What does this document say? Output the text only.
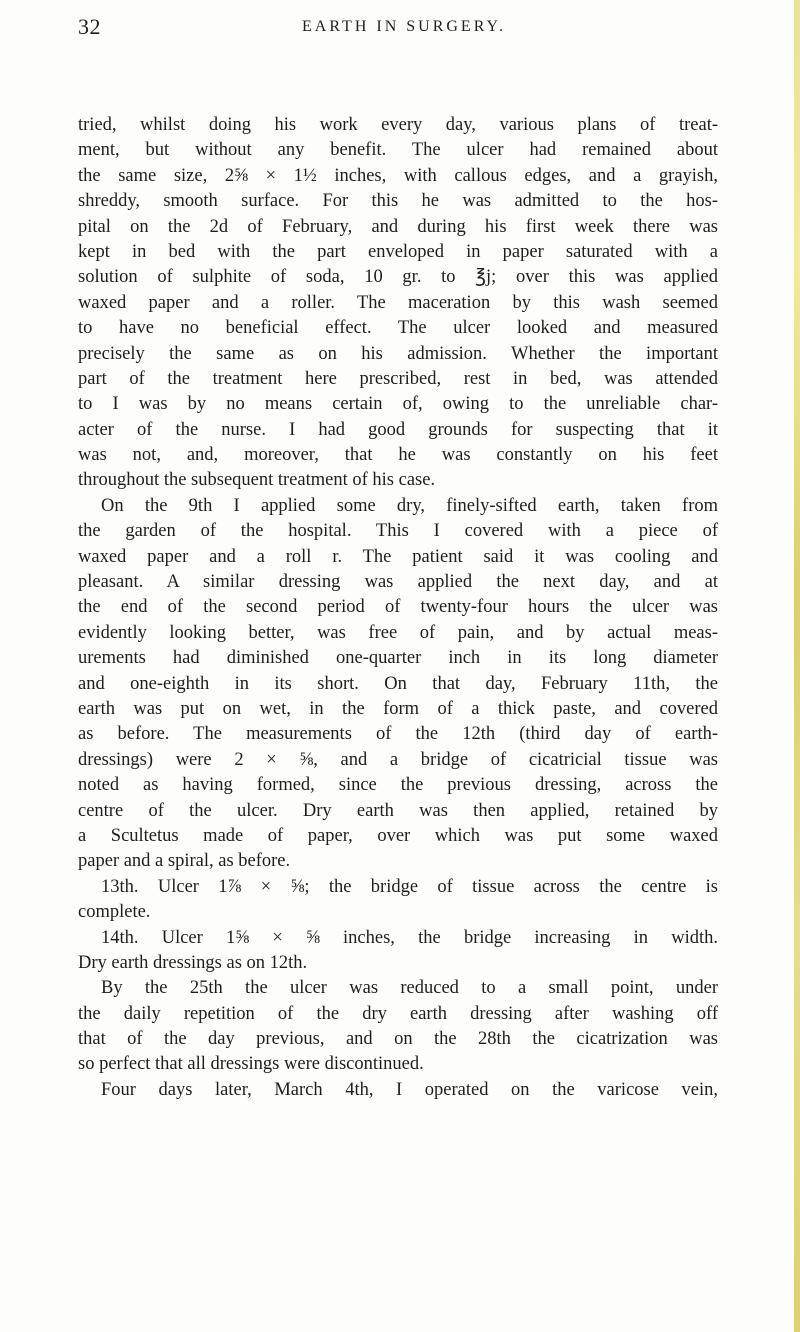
32	EARTH IN SURGERY.
tried, whilst doing his work every day, various plans of treat-
ment, but without any benefit. The ulcer had remained about
the same size, 2⅝ × 1½ inches, with callous edges, and a grayish,
shreddy, smooth surface. For this he was admitted to the hos-
pital on the 2d of February, and during his first week there was
kept in bed with the part enveloped in paper saturated with a
solution of sulphite of soda, 10 gr. to ℥j; over this was applied
waxed paper and a roller. The maceration by this wash seemed
to have no beneficial effect. The ulcer looked and measured
precisely the same as on his admission. Whether the important
part of the treatment here prescribed, rest in bed, was attended
to I was by no means certain of, owing to the unreliable char-
acter of the nurse. I had good grounds for suspecting that it
was not, and, moreover, that he was constantly on his feet
throughout the subsequent treatment of his case.
On the 9th I applied some dry, finely-sifted earth, taken from
the garden of the hospital. This I covered with a piece of
waxed paper and a roll r. The patient said it was cooling and
pleasant. A similar dressing was applied the next day, and at
the end of the second period of twenty-four hours the ulcer was
evidently looking better, was free of pain, and by actual meas-
urements had diminished one-quarter inch in its long diameter
and one-eighth in its short. On that day, February 11th, the
earth was put on wet, in the form of a thick paste, and covered
as before. The measurements of the 12th (third day of earth-
dressings) were 2 × ⅝, and a bridge of cicatricial tissue was
noted as having formed, since the previous dressing, across the
centre of the ulcer. Dry earth was then applied, retained by
a Scultetus made of paper, over which was put some waxed
paper and a spiral, as before.
13th. Ulcer 1⅞ × ⅝; the bridge of tissue across the centre is
complete.
14th. Ulcer 1⅝ × ⅝ inches, the bridge increasing in width.
Dry earth dressings as on 12th.
By the 25th the ulcer was reduced to a small point, under
the daily repetition of the dry earth dressing after washing off
that of the day previous, and on the 28th the cicatrization was
so perfect that all dressings were discontinued.
Four days later, March 4th, I operated on the varicose vein,
